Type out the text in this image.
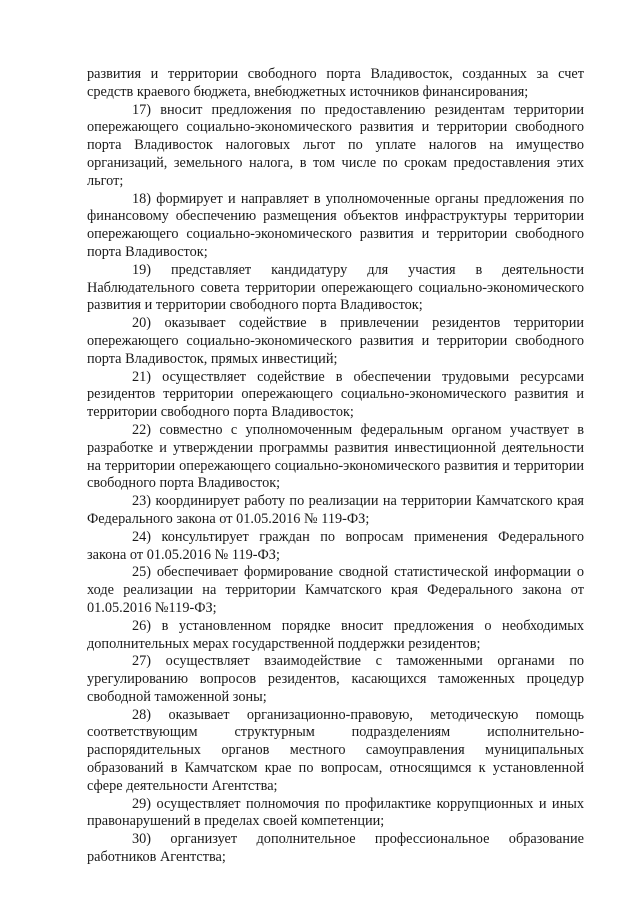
развития и территории свободного порта Владивосток, созданных за счет средств краевого бюджета, внебюджетных источников финансирования;

17) вносит предложения по предоставлению резидентам территории опережающего социально-экономического развития и территории свободного порта Владивосток налоговых льгот по уплате налогов на имущество организаций, земельного налога, в том числе по срокам предоставления этих льгот;

18) формирует и направляет в уполномоченные органы предложения по финансовому обеспечению размещения объектов инфраструктуры территории опережающего социально-экономического развития и территории свободного порта Владивосток;

19) представляет кандидатуру для участия в деятельности Наблюдательного совета территории опережающего социально-экономического развития и территории свободного порта Владивосток;

20) оказывает содействие в привлечении резидентов территории опережающего социально-экономического развития и территории свободного порта Владивосток, прямых инвестиций;

21) осуществляет содействие в обеспечении трудовыми ресурсами резидентов территории опережающего социально-экономического развития и территории свободного порта Владивосток;

22) совместно с уполномоченным федеральным органом участвует в разработке и утверждении программы развития инвестиционной деятельности на территории опережающего социально-экономического развития и территории свободного порта Владивосток;

23) координирует работу по реализации на территории Камчатского края Федерального закона от 01.05.2016 № 119-ФЗ;

24) консультирует граждан по вопросам применения Федерального закона от 01.05.2016 № 119-ФЗ;

25) обеспечивает формирование сводной статистической информации о ходе реализации на территории Камчатского края Федерального закона от 01.05.2016 №119-ФЗ;

26) в установленном порядке вносит предложения о необходимых дополнительных мерах государственной поддержки резидентов;

27) осуществляет взаимодействие с таможенными органами по урегулированию вопросов резидентов, касающихся таможенных процедур свободной таможенной зоны;

28) оказывает организационно-правовую, методическую помощь соответствующим структурным подразделениям исполнительно-распорядительных органов местного самоуправления муниципальных образований в Камчатском крае по вопросам, относящимся к установленной сфере деятельности Агентства;

29) осуществляет полномочия по профилактике коррупционных и иных правонарушений в пределах своей компетенции;

30) организует дополнительное профессиональное образование работников Агентства;
